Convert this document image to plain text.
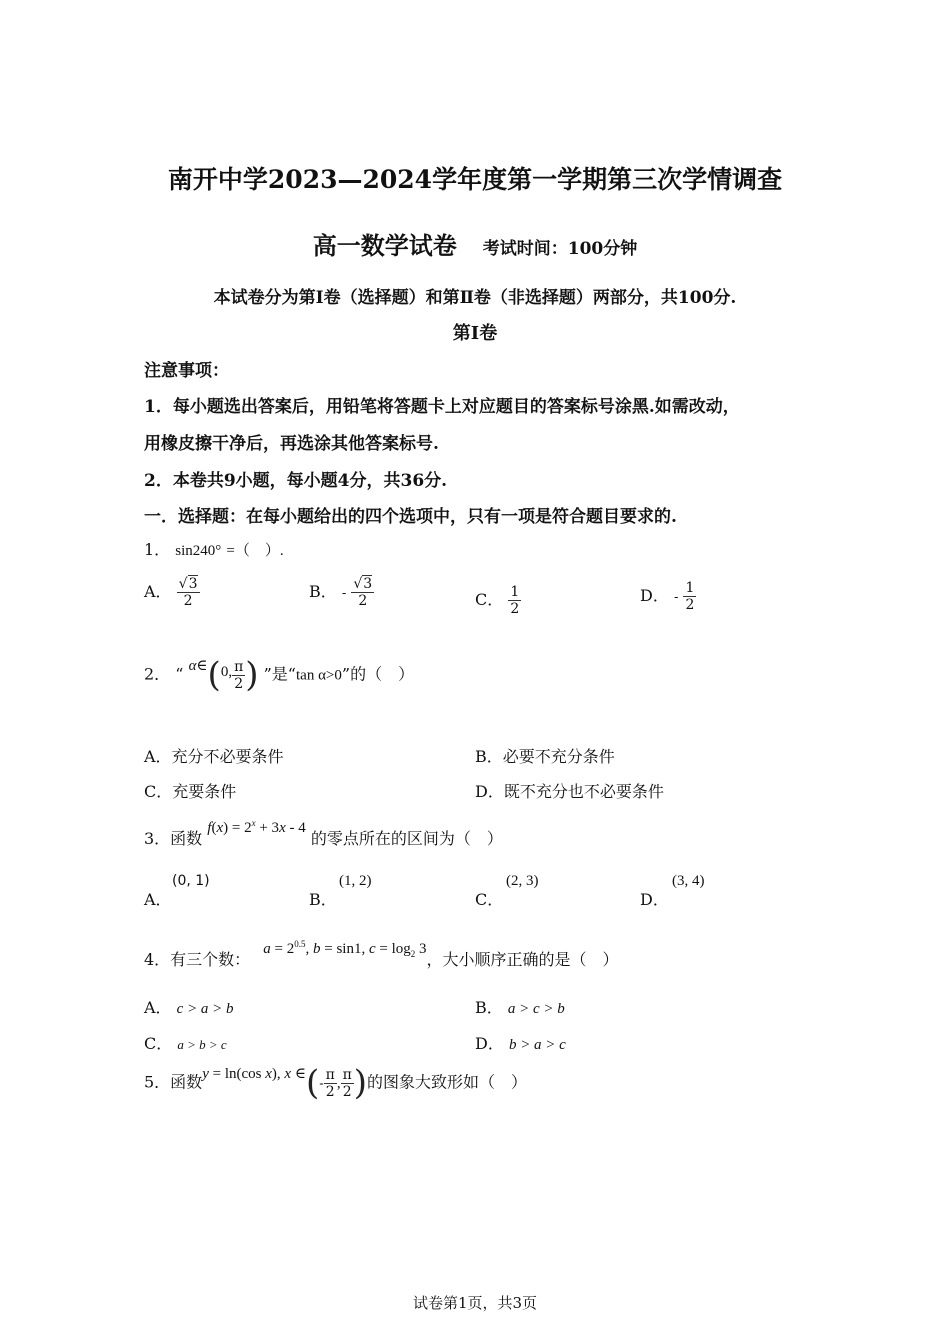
南开中学2023—2024学年度第一学期第三次学情调查
高一数学试卷 考试时间：100分钟
本试卷分为第Ⅰ卷（选择题）和第Ⅱ卷（非选择题）两部分，共100分.
第Ⅰ卷
注意事项：
1．每小题选出答案后，用铅笔将答题卡上对应题目的答案标号涂黑.如需改动，
用橡皮擦干净后，再选涂其他答案标号.
2．本卷共9小题，每小题4分，共36分.
一．选择题：在每小题给出的四个选项中，只有一项是符合题目要求的.
1． sin240° =（　）.
A． $\frac{√3}{2}$	B． - $\frac{√3}{2}$	C． $\frac{1}{2}$	D． - $\frac{1}{2}$
2． “ α∈(0, $\frac{\pi}{2}$ ) ”是“tan α>0”的（　）
A．充分不必要条件	B．必要不充分条件
C．充要条件	D．既不充分也不必要条件
3．函数 $f(x) = 2^x + 3x - 4$ 的零点所在的区间为（　）
A．
(0, 1)
B．
(1, 2)
C．
(2, 3)
D．
(3, 4)
4．有三个数： $a = 2^{0.5}$, b = sin1, $c = \log_2 3$，大小顺序正确的是（　）
A． c > a > b	B． a > c > b
C． a > b > c	D． b > a > c
5．函数y = ln(cos x), x ∈(- $\frac{\pi}{2}$ , $\frac{\pi}{2}$ )的图象大致形如（　）
试卷第1页，共3页
